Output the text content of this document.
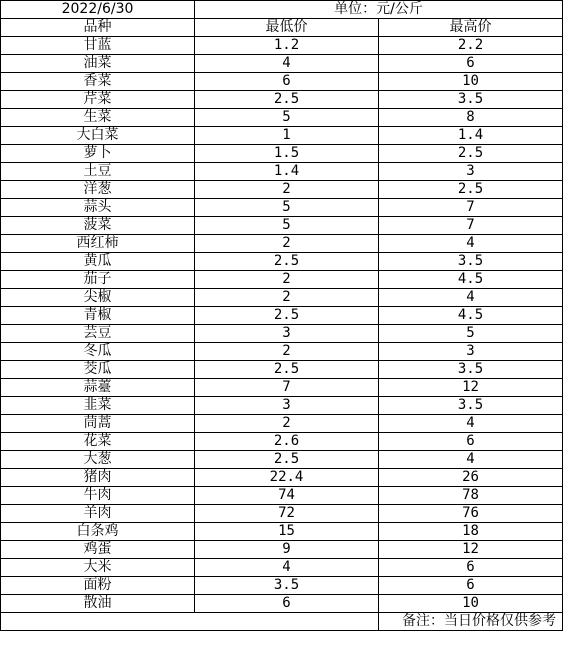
2022/6/30	单位：元/公斤	
品种	最低价	最高价
甘蓝	1.2	2.2
油菜	4	6
香菜	6	10
芹菜	2.5	3.5
生菜	5	8
大白菜	1	1.4
萝卜	1.5	2.5
土豆	1.4	3
洋葱	2	2.5
蒜头	5	7
菠菜	5	7
西红柿	2	4
黄瓜	2.5	3.5
茄子	2	4.5
尖椒	2	4
青椒	2.5	4.5
芸豆	3	5
冬瓜	2	3
茭瓜	2.5	3.5
蒜薹	7	12
韭菜	3	3.5
茼蒿	2	4
花菜	2.6	6
大葱	2.5	4
猪肉	22.4	26
牛肉	74	78
羊肉	72	76
白条鸡	15	18
鸡蛋	9	12
大米	4	6
面粉	3.5	6
散油	6	10
		备注：当日价格仅供参考
